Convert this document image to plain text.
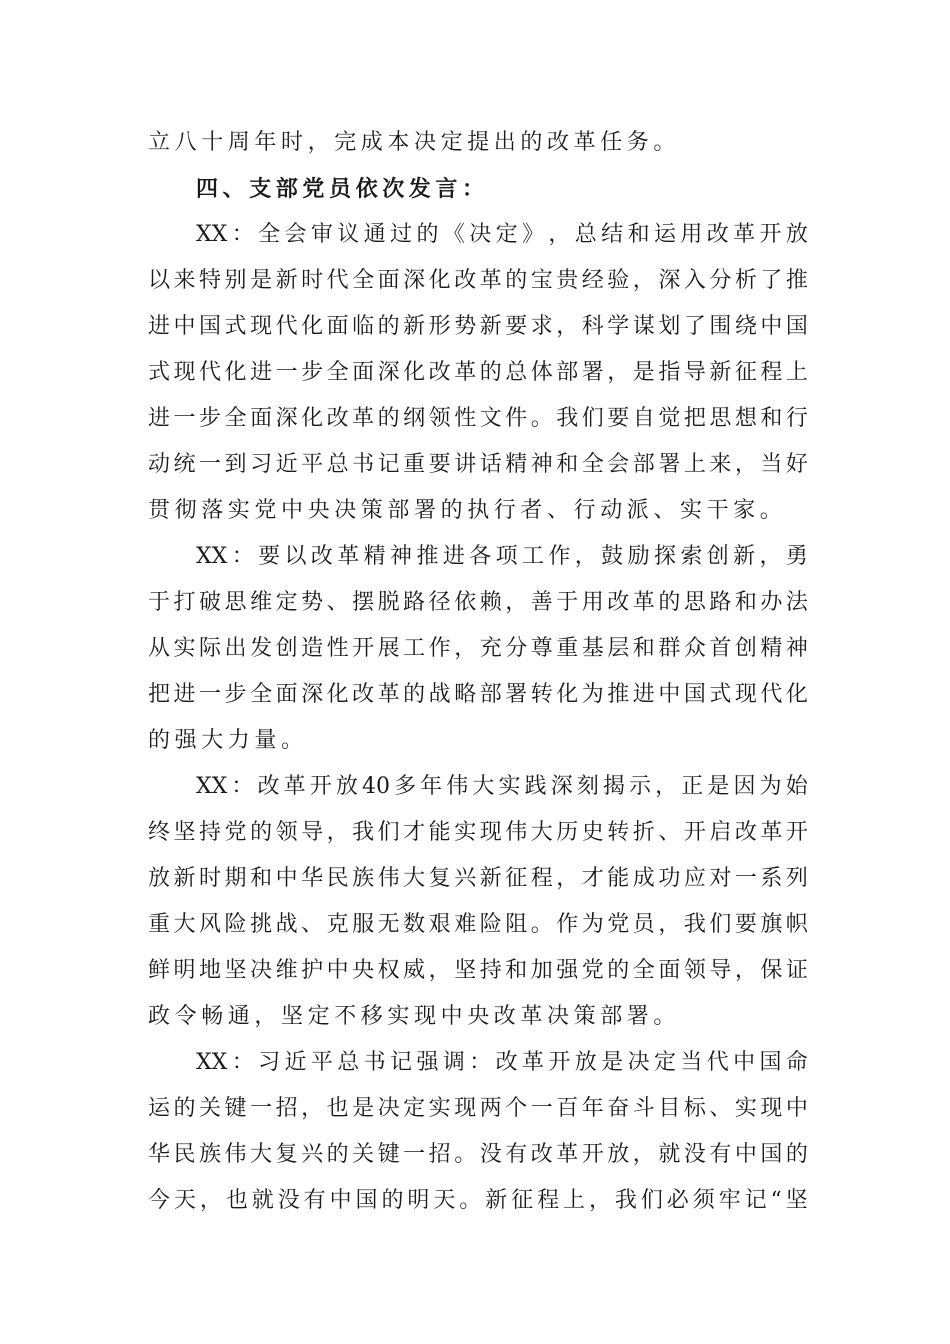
立八十周年时，完成本决定提出的改革任务。
四、支部党员依次发言：
XX ： 全 会 审 议 通 过 的 《 决 定 》 ， 总 结 和 运 用 改 革 开 放
以 来 特 别 是 新 时 代 全 面 深 化 改 革 的 宝 贵 经 验 ， 深 入 分 析 了 推
进 中 国 式 现 代 化 面 临 的 新 形 势 新 要 求 ， 科 学 谋 划 了 围 绕 中 国
式 现 代 化 进 一 步 全 面 深 化 改 革 的 总 体 部 署 ， 是 指 导 新 征 程 上
进 一 步 全 面 深 化 改 革 的 纲 领 性 文 件 。 我 们 要 自 觉 把 思 想 和 行
动 统 一 到 习 近 平 总 书 记 重 要 讲 话 精 神 和 全 会 部 署 上 来 ， 当 好
贯彻落实党中央决策部署的执行者、行动派、实干家。
XX ： 要 以 改 革 精 神 推 进 各 项 工 作 ， 鼓 励 探 索 创 新 ， 勇
于 打 破 思 维 定 势 、 摆 脱 路 径 依 赖 ， 善 于 用 改 革 的 思 路 和 办 法
从 实 际 出 发 创 造 性 开 展 工 作 ， 充 分 尊 重 基 层 和 群 众 首 创 精 神
把 进 一 步 全 面 深 化 改 革 的 战 略 部 署 转 化 为 推 进 中 国 式 现 代 化
的强大力量。
XX ： 改 革 开 放 40 多 年 伟 大 实 践 深 刻 揭 示 ， 正 是 因 为 始
终 坚 持 党 的 领 导 ， 我 们 才 能 实 现 伟 大 历 史 转 折 、 开 启 改 革 开
放 新 时 期 和 中 华 民 族 伟 大 复 兴 新 征 程 ， 才 能 成 功 应 对 一 系 列
重 大 风 险 挑 战 、 克 服 无 数 艰 难 险 阻 。 作 为 党 员 ， 我 们 要 旗 帜
鲜 明 地 坚 决 维 护 中 央 权 威 ， 坚 持 和 加 强 党 的 全 面 领 导 ， 保 证
政令畅通，坚定不移实现中央改革决策部署。
XX ： 习 近 平 总 书 记 强 调 ： 改 革 开 放 是 决 定 当 代 中 国 命
运 的 关 键 一 招 ， 也 是 决 定 实 现 两 个 一 百 年 奋 斗 目 标 、 实 现 中
华 民 族 伟 大 复 兴 的 关 键 一 招 。 没 有 改 革 开 放 ， 就 没 有 中 国 的
今 天 ， 也 就 没 有 中 国 的 明 天 。 新 征 程 上 ， 我 们 必 须 牢 记 “ 坚
